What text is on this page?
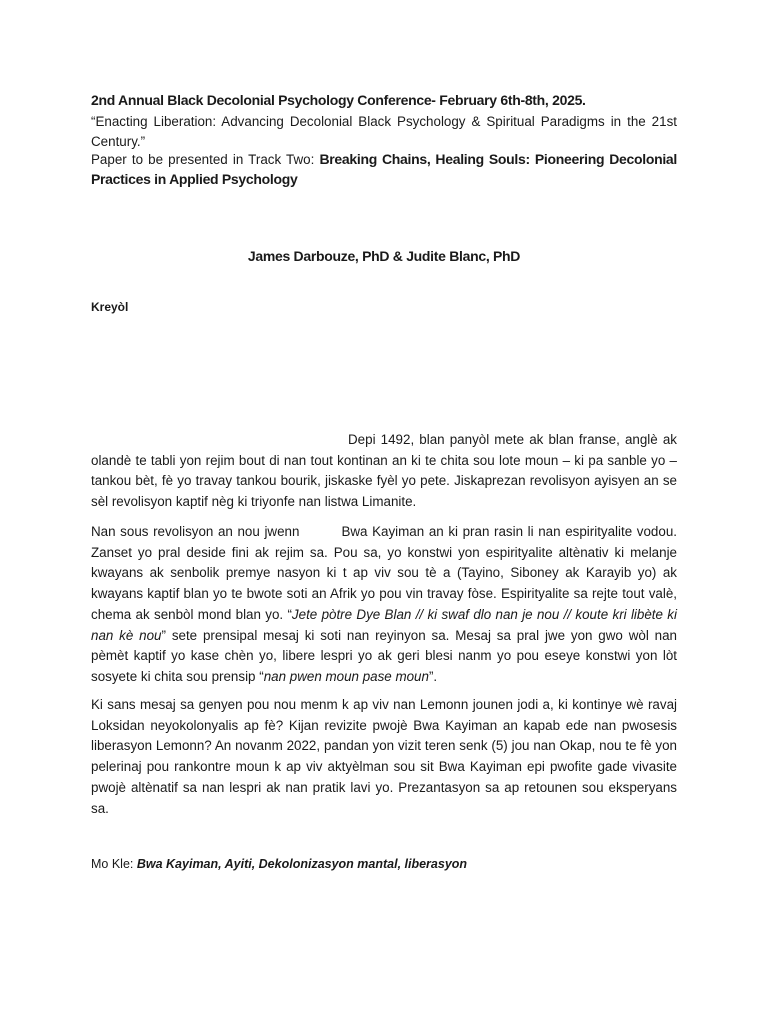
2nd Annual Black Decolonial Psychology Conference- February 6th-8th, 2025.
“Enacting Liberation: Advancing Decolonial Black Psychology & Spiritual Paradigms in the 21st Century.”
Paper to be presented in Track Two: Breaking Chains, Healing Souls: Pioneering Decolonial Practices in Applied Psychology
James Darbouze, PhD & Judite Blanc, PhD
Kreyòl
Depi 1492, blan panyòl mete ak blan franse, anglè ak olandè te tabli yon rejim bout di nan tout kontinan an ki te chita sou lote moun – ki pa sanble yo – tankou bèt, fè yo travay tankou bourik, jiskaske fyèl yo pete. Jiskaprezan revolisyon ayisyen an se sèl revolisyon kaptif nèg ki triyonfe nan listwa Limanite.
Nan sous revolisyon an nou jwenn	Bwa Kayiman an ki pran rasin li nan espirityalite vodou. Zanset yo pral deside fini ak rejim sa. Pou sa, yo konstwi yon espirityalite altènativ ki melanje kwayans ak senbolik premye nasyon ki t ap viv sou tè a (Tayino, Siboney ak Karayib yo) ak kwayans kaptif blan yo te bwote soti an Afrik yo pou vin travay fòse. Espirityalite sa rejte tout valè, chema ak senbòl mond blan yo. “Jete pòtre Dye Blan // ki swaf dlo nan je nou // koute kri libète ki nan kè nou” sete prensipal mesaj ki soti nan reyinyon sa. Mesaj sa pral jwe yon gwo wòl nan pèmèt kaptif yo kase chèn yo, libere lespri yo ak geri blesi nanm yo pou eseye konstwi yon lòt sosyete ki chita sou prensip “nan pwen moun pase moun”.
Ki sans mesaj sa genyen pou nou menm k ap viv nan Lemonn jounen jodi a, ki kontinye wè ravaj Loksidan neyokolonyalis ap fè? Kijan revizite pwojè Bwa Kayiman an kapab ede nan pwosesis liberasyon Lemonn? An novanm 2022, pandan yon vizit teren senk (5) jou nan Okap, nou te fè yon pelerinaj pou rankontre moun k ap viv aktyèlman sou sit Bwa Kayiman epi pwofite gade vivasite pwojè altènatif sa nan lespri ak nan pratik lavi yo. Prezantasyon sa ap retounen sou eksperyans sa.
Mo Kle: Bwa Kayiman, Ayiti, Dekolonizasyon mantal, liberasyon
